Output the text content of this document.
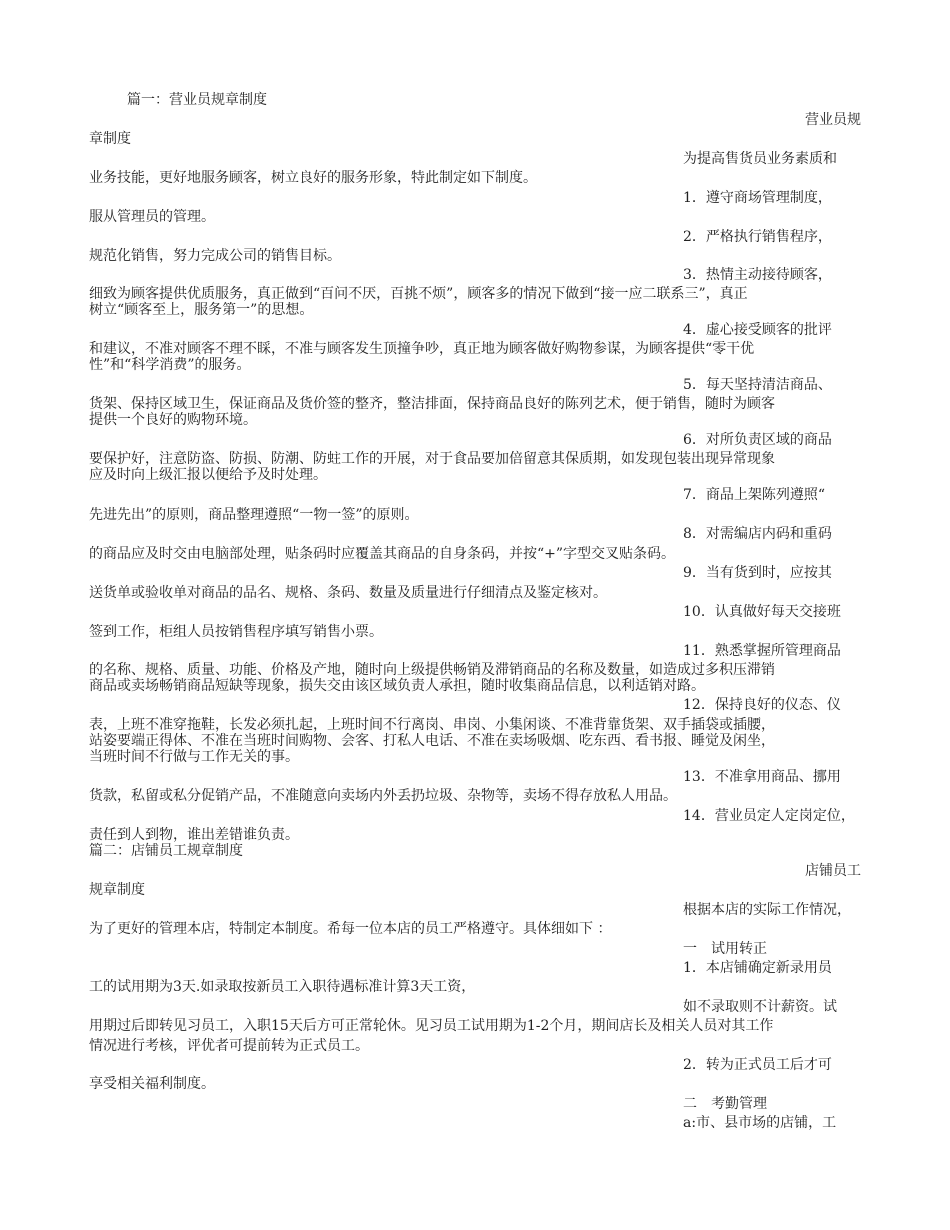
篇一：营业员规章制度
营业员规
章制度
为提高售货员业务素质和
业务技能，更好地服务顾客，树立良好的服务形象，特此制定如下制度。
1．遵守商场管理制度，
服从管理员的管理。
2．严格执行销售程序，
规范化销售，努力完成公司的销售目标。
3．热情主动接待顾客，
细致为顾客提供优质服务，真正做到“百问不厌，百挑不烦”，顾客多的情况下做到“接一应二联系三”，真正
树立“顾客至上，服务第一”的思想。
4．虚心接受顾客的批评
和建议，不准对顾客不理不睬，不准与顾客发生顶撞争吵，真正地为顾客做好购物参谋，为顾客提供“零干优
性”和“科学消费”的服务。
5．每天坚持清洁商品、
货架、保持区域卫生，保证商品及货价签的整齐，整洁排面，保持商品良好的陈列艺术，便于销售，随时为顾客
提供一个良好的购物环境。
6．对所负责区域的商品
要保护好，注意防盗、防损、防潮、防蛀工作的开展，对于食品要加倍留意其保质期，如发现包装出现异常现象
应及时向上级汇报以便给予及时处理。
7．商品上架陈列遵照“
先进先出”的原则，商品整理遵照“一物一签”的原则。
8．对需编店内码和重码
的商品应及时交由电脑部处理，贴条码时应覆盖其商品的自身条码，并按“+”字型交叉贴条码。
9．当有货到时，应按其
送货单或验收单对商品的品名、规格、条码、数量及质量进行仔细清点及鉴定核对。
10．认真做好每天交接班
签到工作，柜组人员按销售程序填写销售小票。
11．熟悉掌握所管理商品
的名称、规格、质量、功能、价格及产地，随时向上级提供畅销及滞销商品的名称及数量，如造成过多积压滞销
商品或卖场畅销商品短缺等现象，损失交由该区域负责人承担，随时收集商品信息，以利适销对路。
12．保持良好的仪态、仪
表，上班不准穿拖鞋，长发必须扎起，上班时间不行离岗、串岗、小集闲谈、不准背靠货架、双手插袋或插腰，
站姿要端正得体、不准在当班时间购物、会客、打私人电话、不准在卖场吸烟、吃东西、看书报、睡觉及闲坐，
当班时间不行做与工作无关的事。
13．不准拿用商品、挪用
货款，私留或私分促销产品，不准随意向卖场内外丢扔垃圾、杂物等，卖场不得存放私人用品。
14．营业员定人定岗定位，
责任到人到物，谁出差错谁负责。
篇二：店铺员工规章制度
店铺员工
规章制度
根据本店的实际工作情况，
为了更好的管理本店，特制定本制度。希每一位本店的员工严格遵守。具体细如下 ：
一　试用转正
1．本店铺确定新录用员
工的试用期为3天.如录取按新员工入职待遇标准计算3天工资，
如不录取则不计薪资。试
用期过后即转见习员工，入职15天后方可正常轮休。见习员工试用期为1-2个月，期间店长及相关人员对其工作
情况进行考核，评优者可提前转为正式员工。
2．转为正式员工后才可
享受相关福利制度。
二　考勤管理
a:市、县市场的店铺，工
